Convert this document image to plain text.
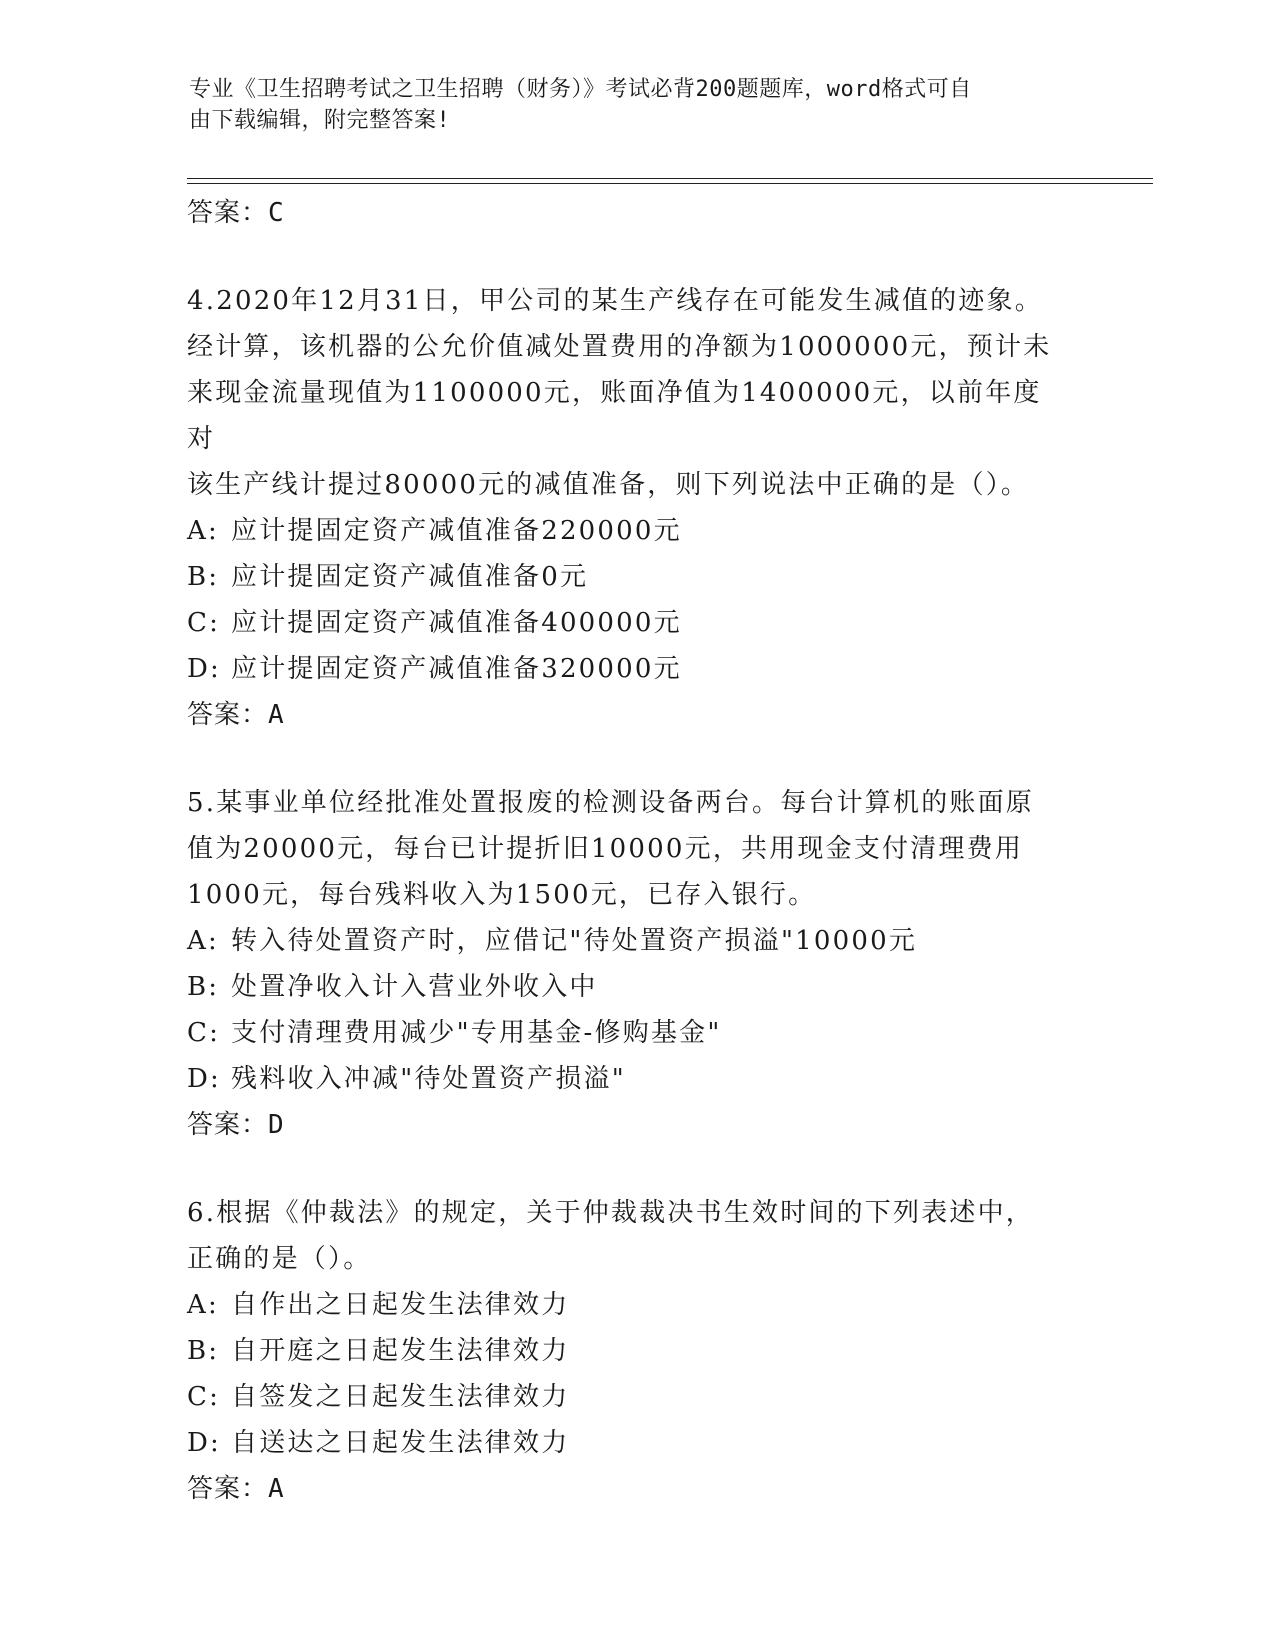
专业《卫生招聘考试之卫生招聘（财务）》考试必背200题题库，word格式可自
由下载编辑，附完整答案!
答案：C
4.2020年12月31日，甲公司的某生产线存在可能发生减值的迹象。
经计算，该机器的公允价值减处置费用的净额为1000000元，预计未
来现金流量现值为1100000元，账面净值为1400000元，以前年度对
该生产线计提过80000元的减值准备，则下列说法中正确的是（）。
A: 应计提固定资产减值准备220000元
B: 应计提固定资产减值准备0元
C: 应计提固定资产减值准备400000元
D: 应计提固定资产减值准备320000元
答案：A
5.某事业单位经批准处置报废的检测设备两台。每台计算机的账面原
值为20000元，每台已计提折旧10000元，共用现金支付清理费用
1000元，每台残料收入为1500元，已存入银行。
A: 转入待处置资产时，应借记"待处置资产损溢"10000元
B: 处置净收入计入营业外收入中
C: 支付清理费用减少"专用基金-修购基金"
D: 残料收入冲减"待处置资产损溢"
答案：D
6.根据《仲裁法》的规定，关于仲裁裁决书生效时间的下列表述中，
正确的是（）。
A: 自作出之日起发生法律效力
B: 自开庭之日起发生法律效力
C: 自签发之日起发生法律效力
D: 自送达之日起发生法律效力
答案：A
